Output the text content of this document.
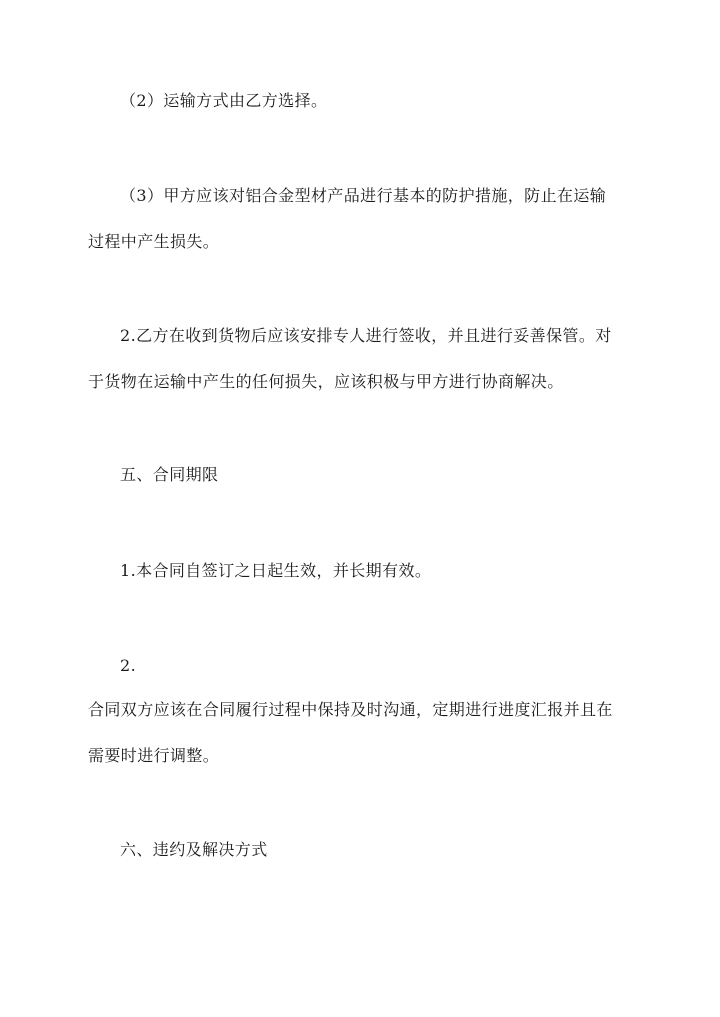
（2）运输方式由乙方选择。
（3）甲方应该对铝合金型材产品进行基本的防护措施，防止在运输
过程中产生损失。
2.乙方在收到货物后应该安排专人进行签收，并且进行妥善保管。对
于货物在运输中产生的任何损失，应该积极与甲方进行协商解决。
五、合同期限
1.本合同自签订之日起生效，并长期有效。
2.
合同双方应该在合同履行过程中保持及时沟通，定期进行进度汇报并且在
需要时进行调整。
六、违约及解决方式
